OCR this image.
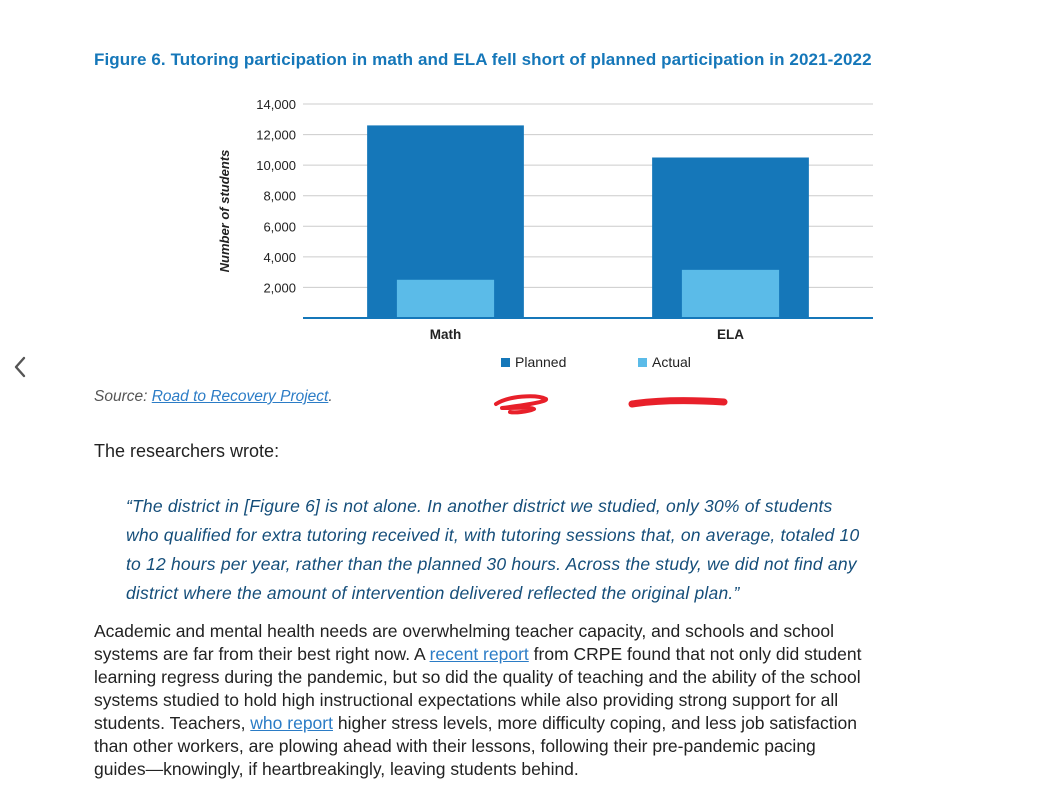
Figure 6. Tutoring participation in math and ELA fell short of planned participation in 2021-2022
2,000
4,000
6,000
8,000
10,000
12,000
14,000
Number of students
Math	ELA
Planned	Actual
Source: Road to Recovery Project.
The researchers wrote:
“The district in [Figure 6] is not alone. In another district we studied, only 30% of students
who qualified for extra tutoring received it, with tutoring sessions that, on average, totaled 10
to 12 hours per year, rather than the planned 30 hours. Across the study, we did not find any
district where the amount of intervention delivered reflected the original plan.”
Academic and mental health needs are overwhelming teacher capacity, and schools and school
systems are far from their best right now. A recent report from CRPE found that not only did student
learning regress during the pandemic, but so did the quality of teaching and the ability of the school
systems studied to hold high instructional expectations while also providing strong support for all
students. Teachers, who report higher stress levels, more difficulty coping, and less job satisfaction
than other workers, are plowing ahead with their lessons, following their pre-pandemic pacing
guides—knowingly, if heartbreakingly, leaving students behind.
